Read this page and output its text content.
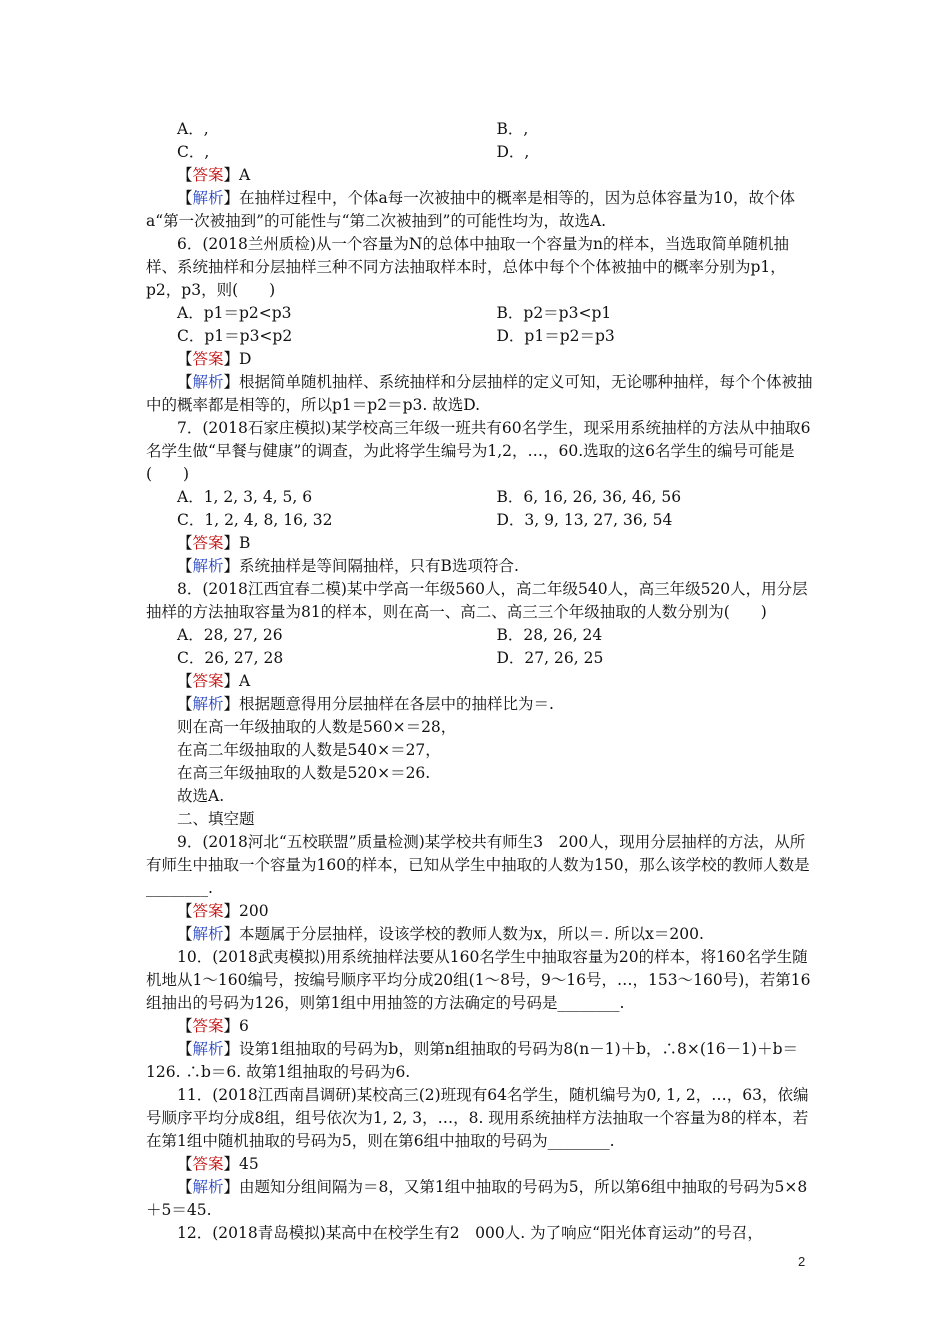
A．,	B．,
C．,	D．,

【答案】A

【解析】在抽样过程中，个体a每一次被抽中的概率是相等的，因为总体容量为10，故个体a“第一次被抽到”的可能性与“第二次被抽到”的可能性均为，故选A.

6．(2018兰州质检)从一个容量为N的总体中抽取一个容量为n的样本，当选取简单随机抽样、系统抽样和分层抽样三种不同方法抽取样本时，总体中每个个体被抽中的概率分别为p1，p2，p3，则(　　)

A．p1＝p2<p3	B．p2＝p3<p1
C．p1＝p3<p2	D．p1＝p2＝p3

【答案】D

【解析】根据简单随机抽样、系统抽样和分层抽样的定义可知，无论哪种抽样，每个个体被抽中的概率都是相等的，所以p1＝p2＝p3. 故选D.

7．(2018石家庄模拟)某学校高三年级一班共有60名学生，现采用系统抽样的方法从中抽取6名学生做“早餐与健康”的调查，为此将学生编号为1,2，…，60.选取的这6名学生的编号可能是(　　)

A．1, 2, 3, 4, 5, 6	B．6, 16, 26, 36, 46, 56
C．1, 2, 4, 8, 16, 32	D．3, 9, 13, 27, 36, 54

【答案】B

【解析】系统抽样是等间隔抽样，只有B选项符合.

8．(2018江西宜春二模)某中学高一年级560人，高二年级540人，高三年级520人，用分层抽样的方法抽取容量为81的样本，则在高一、高二、高三三个年级抽取的人数分别为(　　)

A．28, 27, 26	B．28, 26, 24
C．26, 27, 28	D．27, 26, 25

【答案】A

【解析】根据题意得用分层抽样在各层中的抽样比为＝.

则在高一年级抽取的人数是560×＝28，

在高二年级抽取的人数是540×＝27，

在高三年级抽取的人数是520×＝26.

故选A.

二、填空题

9．(2018河北“五校联盟”质量检测)某学校共有师生3　200人，现用分层抽样的方法，从所有师生中抽取一个容量为160的样本，已知从学生中抽取的人数为150，那么该学校的教师人数是________.

【答案】200

【解析】本题属于分层抽样，设该学校的教师人数为x，所以＝. 所以x＝200.

10．(2018武夷模拟)用系统抽样法要从160名学生中抽取容量为20的样本，将160名学生随机地从1～160编号，按编号顺序平均分成20组(1～8号，9～16号，…，153～160号)，若第16组抽出的号码为126，则第1组中用抽签的方法确定的号码是________.

【答案】6

【解析】设第1组抽取的号码为b，则第n组抽取的号码为8(n－1)＋b，∴8×(16－1)＋b＝126. ∴b＝6. 故第1组抽取的号码为6.

11．(2018江西南昌调研)某校高三(2)班现有64名学生，随机编号为0, 1, 2，…，63，依编号顺序平均分成8组，组号依次为1, 2, 3，…，8. 现用系统抽样方法抽取一个容量为8的样本，若在第1组中随机抽取的号码为5，则在第6组中抽取的号码为________.

【答案】45

【解析】由题知分组间隔为＝8，又第1组中抽取的号码为5，所以第6组中抽取的号码为5×8＋5＝45.

12．(2018青岛模拟)某高中在校学生有2　000人. 为了响应“阳光体育运动”的号召，

2
